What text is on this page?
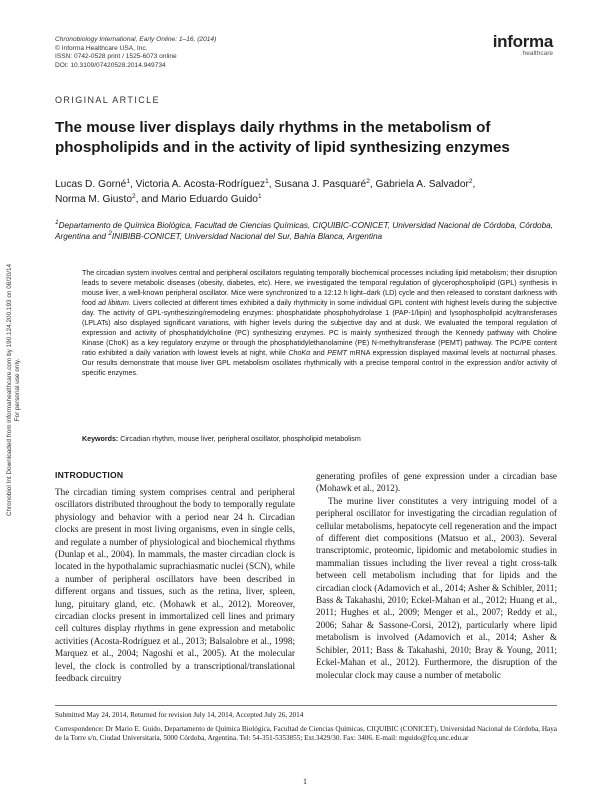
Chronobiol Int Downloaded from informahealthcare.com by 190.124.200.193 on 08/20/14 For personal use only.
Chronobiology International, Early Online: 1–16, (2014)
© Informa Healthcare USA, Inc.
ISSN: 0742-0528 print / 1525-6073 online
DOI: 10.3109/07420528.2014.949734
informa
healthcare
ORIGINAL ARTICLE
The mouse liver displays daily rhythms in the metabolism of phospholipids and in the activity of lipid synthesizing enzymes
Lucas D. Gorné$^1$, Victoria A. Acosta-Rodríguez$^1$, Susana J. Pasquaré$^2$, Gabriela A. Salvador$^2$,
Norma M. Giusto$^2$, and Mario Eduardo Guido$^1$
$^1$Departamento de Química Biológica, Facultad de Ciencias Químicas, CIQUIBIC-CONICET, Universidad Nacional de Córdoba, Córdoba, Argentina and $^2$INIBIBB-CONICET, Universidad Nacional del Sur, Bahía Blanca, Argentina
The circadian system involves central and peripheral oscillators regulating temporally biochemical processes including lipid metabolism; their disruption leads to severe metabolic diseases (obesity, diabetes, etc). Here, we investigated the temporal regulation of glycerophospholipid (GPL) synthesis in mouse liver, a well-known peripheral oscillator. Mice were synchronized to a 12:12 h light–dark (LD) cycle and then released to constant darkness with food ad libitum. Livers collected at different times exhibited a daily rhythmicity in some individual GPL content with highest levels during the subjective day. The activity of GPL-synthesizing/remodeling enzymes: phosphatidate phosphohydrolase 1 (PAP-1/lipin) and lysophospholipid acyltransferases (LPLATs) also displayed significant variations, with higher levels during the subjective day and at dusk. We evaluated the temporal regulation of expression and activity of phosphatidylcholine (PC) synthesizing enzymes. PC is mainly synthesized through the Kennedy pathway with Choline Kinase (ChoK) as a key regulatory enzyme or through the phosphatidylethanolamine (PE) N-methyltransferase (PEMT) pathway. The PC/PE content ratio exhibited a daily variation with lowest levels at night, while ChoKα and PEMT mRNA expression displayed maximal levels at nocturnal phases. Our results demonstrate that mouse liver GPL metabolism oscillates rhythmically with a precise temporal control in the expression and/or activity of specific enzymes.
Keywords: Circadian rhythm, mouse liver, peripheral oscillator, phospholipid metabolism
INTRODUCTION

The circadian timing system comprises central and peripheral oscillators distributed throughout the body to temporally regulate physiology and behavior with a period near 24 h. Circadian clocks are present in most living organisms, even in single cells, and regulate a number of physiological and biochemical rhythms (Dunlap et al., 2004). In mammals, the master circadian clock is located in the hypothalamic suprachiasmatic nuclei (SCN), while a number of peripheral oscillators have been described in different organs and tissues, such as the retina, liver, spleen, lung, pituitary gland, etc. (Mohawk et al., 2012). Moreover, circadian clocks present in immortalized cell lines and primary cell cultures display rhythms in gene expression and metabolic activities (Acosta-Rodríguez et al., 2013; Balsalobre et al., 1998; Marquez et al., 2004; Nagoshi et al., 2005). At the molecular level, the clock is controlled by a transcriptional/translational feedback circuitry

generating profiles of gene expression under a circadian base (Mohawk et al., 2012).

The murine liver constitutes a very intriguing model of a peripheral oscillator for investigating the circadian regulation of cellular metabolisms, hepatocyte cell regeneration and the impact of different diet compositions (Matsuo et al., 2003). Several transcriptomic, proteomic, lipidomic and metabolomic studies in mammalian tissues including the liver reveal a tight cross-talk between cell metabolism including that for lipids and the circadian clock (Adamovich et al., 2014; Asher & Schibler, 2011; Bass & Takahashi, 2010; Eckel-Mahan et al., 2012; Huang et al., 2011; Hughes et al., 2009; Menger et al., 2007; Reddy et al., 2006; Sahar & Sassone-Corsi, 2012), particularly where lipid metabolism is involved (Adamovich et al., 2014; Asher & Schibler, 2011; Bass & Takahashi, 2010; Bray & Young, 2011; Eckel-Mahan et al., 2012). Furthermore, the disruption of the molecular clock may cause a number of metabolic

Submitted May 24, 2014, Returned for revision July 14, 2014, Accepted July 26, 2014

Correspondence: Dr Mario E. Guido, Departamento de Química Biológica, Facultad de Ciencias Químicas, CIQUIBIC (CONICET), Universidad Nacional de Córdoba, Haya de la Torre s/n, Ciudad Universitaria, 5000 Córdoba, Argentina. Tel: 54-351-5353855; Ext.3429/30. Fax: 3406. E-mail: mguido@fcq.unc.edu.ar

1
